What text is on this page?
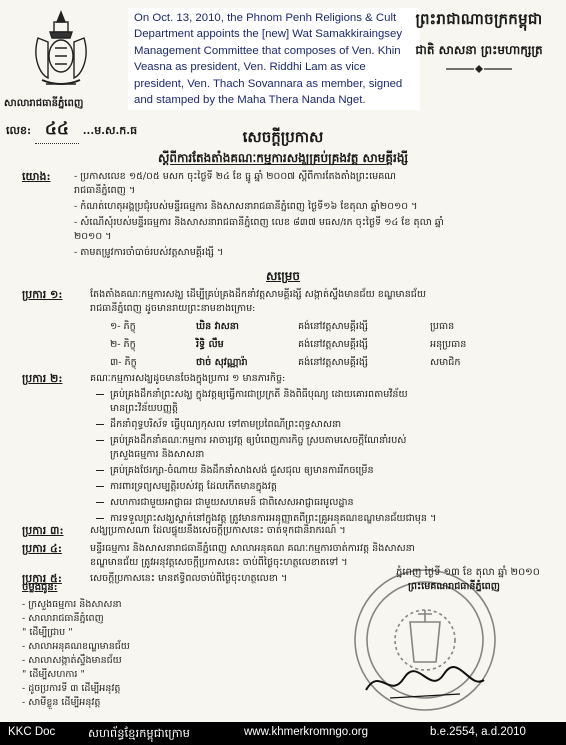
សាលារាជធានីភ្នំពេញ
លេខ: ៤៤ ...ម.ស.ក.ធ
On Oct. 13, 2010, the Phnom Penh Religions & Cult Department appoints the [new] Wat Samakkiraingsey Management Committee that composes of Ven. Khin Veasna as president, Ven. Riddhi Lam as vice president, Ven. Thach Sovannara as member, signed and stamped by the Maha Thera Nanda Nget.
ព្រះរាជាណាចក្រកម្ពុជា
ជាតិ សាសនា ព្រះមហាក្សត្រ
សេចក្ដីប្រកាស
ស្ដីពីការតែងតាំងគណៈកម្មការសង្ឃគ្រប់គ្រងវត្ត សាមគ្គីរង្សី
យោង: - ប្រកាសលេខ ១៥/០៥ មសក ចុះថ្ងៃទី ២៤ ខែ ធ្នូ ឆ្នាំ ២០០៧ ស្ដីពីការតែងតាំងព្រះមេគណ
រាជធានីភ្នំពេញ ។
- កំណត់ហេតុអង្គប្រជុំរបស់មន្ទីរធម្មការ និងសាសនារាជធានីភ្នំពេញ ថ្ងៃទី១៦ ខែតុលា ឆ្នាំ២០១០ ។
- សំណើសុំរបស់មន្ទីរធម្មការ និងសាសនារាជធានីភ្នំពេញ លេខ ៨៣៧ មធស/រភ ចុះថ្ងៃទី ១៤ ខែ តុលា ឆ្នាំ
២០១០ ។
- តាមតម្រូវការចាំបាច់របស់វត្តសាមគ្គីរង្សី ។
សម្រេច
ប្រការ ១:	តែងតាំងគណៈកម្មការសង្ឃ ដើម្បីគ្រប់គ្រងដឹកនាំវត្តសាមគ្គីរង្សី សង្កាត់ស្ទឹងមានជ័យ ខណ្ឌមានជ័យ
រាជធានីភ្នំពេញ ដូចមានរាយព្រះនាមខាងក្រោម:
១- ភិក្ខុ	ឃិន វាសនា	គង់នៅវត្តសាមគ្គីរង្សី	ប្រធាន
២- ភិក្ខុ	រិទ្ធិ លឹម	គង់នៅវត្តសាមគ្គីរង្សី	អនុប្រធាន
៣- ភិក្ខុ	ថាច់ សុវណ្ណារ៉ា	គង់នៅវត្តសាមគ្គីរង្សី	សមាជិក
ប្រការ ២:	គណៈកម្មការសង្ឃដូចមានចែងក្នុងប្រការ ១ មានភារកិច្ច:
គ្រប់គ្រងដឹកនាំព្រះសង្ឃ ក្នុងវត្តឲ្យធ្វើការជាប្រក្រតី និងពិធីបុណ្យ ដោយគោរពតាមវិន័យ
មានព្រះវិន័យបញ្ញត្តិ
ដឹកនាំពុទ្ធបរិស័ទ ធ្វើបុណ្យកុសល ទៅតាមប្រពៃណីព្រះពុទ្ធសាសនា
គ្រប់គ្រងដឹកនាំគណៈកម្មការ អាចារ្យវត្ត ឲ្យបំពេញភារកិច្ច ស្របតាមសេចក្ដីណែនាំរបស់
ក្រសួងធម្មការ និងសាសនា
គ្រប់គ្រងថែរក្សា-ចំណាយ និងដឹកនាំសាងសង់ ជួសជុល ឲ្យមានការរីកចម្រើន
ការពារទ្រព្យសម្បត្តិរបស់វត្ត ដែលកើតមានក្នុងវត្ត
សហការជាមួយអាជ្ញាធរ ជាមួយសហគមន៍ ជាពិសេសអាជ្ញាធរមូលដ្ឋាន
ការទទួលព្រះសង្ឃស្នាក់នៅក្នុងវត្ត ត្រូវមានការអនុញ្ញាតពីព្រះគ្រូអនុគណខណ្ឌមានជ័យជាមុន ។
ប្រការ ៣:	សង្ឃប្រកាសណា ដែលផ្ទុយនឹងសេចក្ដីប្រកាសនេះ ចាត់ទុកជានិរាករណ៍ ។
ប្រការ ៤:	មន្ទីរធម្មការ និងសាសនារាជធានីភ្នំពេញ សាលាអនុគណ គណៈកម្មការចាត់ការវត្ត និងសាសនា
ខណ្ឌមានជ័យ ត្រូវអនុវត្តសេចក្ដីប្រកាសនេះ ចាប់ពីថ្ងៃចុះហត្ថលេខាតទៅ ។
ប្រការ ៥:	សេចក្ដីប្រកាសនេះ មានឥទ្ធិពលចាប់ពីថ្ងៃចុះហត្ថលេខា ។
ភ្នំពេញ ថ្ងៃទី ១៣ ខែ តុលា ឆ្នាំ ២០១០
ព្រះមេគណរាជធានីភ្នំពេញ
ចម្លងជូន:
- ក្រសួងធម្មការ និងសាសនា
- សាលារាជធានីភ្នំពេញ
" ដើម្បីជ្រាប "
- សាលាអនុគណខណ្ឌមានជ័យ
- សាលាសង្កាត់ស្ទឹងមានជ័យ
" ដើម្បីសហការ "
- ដូចប្រការទី ៣ ដើម្បីអនុវត្ត
- សាមីខ្លួន ដើម្បីអនុវត្ត
KKC Doc	សហព័ន្ធខ្មែរកម្ពុជាក្រោម	www.khmerkromngo.org	b.e.2554, a.d.2010
